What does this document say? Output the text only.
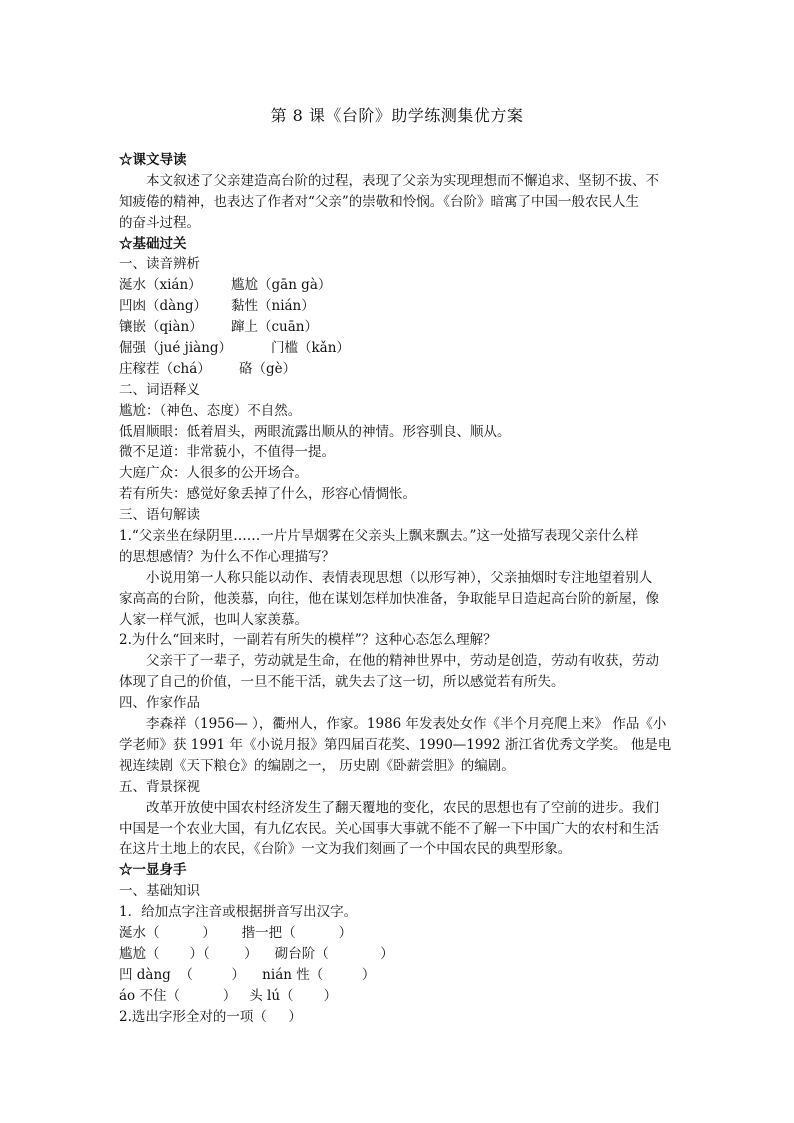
第 8 课《台阶》助学练测集优方案
☆课文导读
本文叙述了父亲建造高台阶的过程，表现了父亲为实现理想而不懈追求、坚韧不拔、不
知疲倦的精神，也表达了作者对“父亲”的崇敬和怜悯。《台阶》暗寓了中国一般农民人生
的奋斗过程。
☆基础过关
一、读音辨析
涎水（xián） 尴尬（gān gà）
凹凼（dàng） 黏性（nián）
镶嵌（qiàn） 蹿上（cuān）
倔强（jué jiàng）	门槛（kǎn）
庄稼茬（chá） 硌（gè）
二、词语释义
尴尬：（神色、态度）不自然。
低眉顺眼：低着眉头，两眼流露出顺从的神情。形容驯良、顺从。
微不足道：非常藐小，不值得一提。
大庭广众：人很多的公开场合。
若有所失：感觉好象丢掉了什么，形容心情惆怅。
三、语句解读
1.“父亲坐在绿阴里……一片片旱烟雾在父亲头上飘来飘去。”这一处描写表现父亲什么样
的思想感情？为什么不作心理描写？
小说用第一人称只能以动作、表情表现思想（以形写神），父亲抽烟时专注地望着别人
家高高的台阶，他羡慕，向往，他在谋划怎样加快准备，争取能早日造起高台阶的新屋，像
人家一样气派，也叫人家羡慕。
2.为什么“回来时，一副若有所失的模样”？这种心态怎么理解？
父亲干了一辈子，劳动就是生命，在他的精神世界中，劳动是创造，劳动有收获，劳动
体现了自己的价值，一旦不能干活，就失去了这一切，所以感觉若有所失。
四、作家作品
李森祥（1956— ），衢州人，作家。1986 年发表处女作《半个月亮爬上来》 作品《小
学老师》获 1991 年《小说月报》第四届百花奖、1990—1992 浙江省优秀文学奖。 他是电
视连续剧《天下粮仓》的编剧之一， 历史剧《卧薪尝胆》的编剧。
五、背景探视
改革开放使中国农村经济发生了翻天覆地的变化，农民的思想也有了空前的进步。我们
中国是一个农业大国，有九亿农民。关心国事大事就不能不了解一下中国广大的农村和生活
在这片土地上的农民，《台阶》一文为我们刻画了一个中国农民的典型形象。
☆一显身手
一、基础知识
1．给加点字注音或根据拼音写出汉字。
涎水（          ）      揩一把（          ）
尴尬（       ）（        ）    砌台阶（            ）
凹 dàng  （         ）    nián 性（         ）
áo 不住（          ）   头 lú（       ）
2.选出字形全对的一项（     ）
